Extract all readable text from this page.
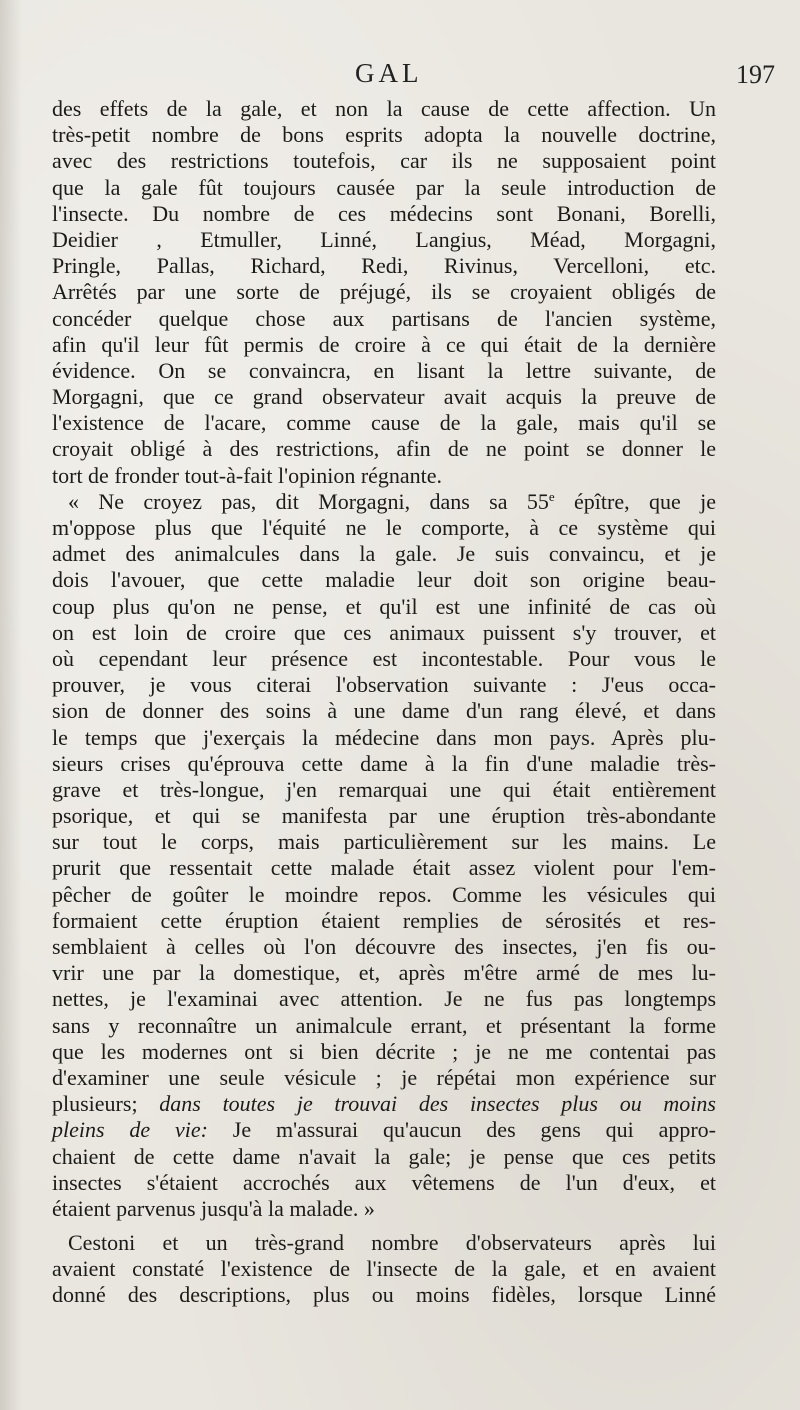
GAL	197
des effets de la gale, et non la cause de cette affection. Un
très-petit nombre de bons esprits adopta la nouvelle doctrine,
avec des restrictions toutefois, car ils ne supposaient point
que la gale fût toujours causée par la seule introduction de
l'insecte. Du nombre de ces médecins sont Bonani, Borelli,
Deidier , Etmuller, Linné, Langius, Méad, Morgagni,
Pringle, Pallas, Richard, Redi, Rivinus, Vercelloni, etc.
Arrêtés par une sorte de préjugé, ils se croyaient obligés de
concéder quelque chose aux partisans de l'ancien système,
afin qu'il leur fût permis de croire à ce qui était de la dernière
évidence. On se convaincra, en lisant la lettre suivante, de
Morgagni, que ce grand observateur avait acquis la preuve de
l'existence de l'acare, comme cause de la gale, mais qu'il se
croyait obligé à des restrictions, afin de ne point se donner le
tort de fronder tout-à-fait l'opinion régnante.
« Ne croyez pas, dit Morgagni, dans sa 55e épître, que je
m'oppose plus que l'équité ne le comporte, à ce système qui
admet des animalcules dans la gale. Je suis convaincu, et je
dois l'avouer, que cette maladie leur doit son origine beau-
coup plus qu'on ne pense, et qu'il est une infinité de cas où
on est loin de croire que ces animaux puissent s'y trouver, et
où cependant leur présence est incontestable. Pour vous le
prouver, je vous citerai l'observation suivante : J'eus occa-
sion de donner des soins à une dame d'un rang élevé, et dans
le temps que j'exerçais la médecine dans mon pays. Après plu-
sieurs crises qu'éprouva cette dame à la fin d'une maladie très-
grave et très-longue, j'en remarquai une qui était entièrement
psorique, et qui se manifesta par une éruption très-abondante
sur tout le corps, mais particulièrement sur les mains. Le
prurit que ressentait cette malade était assez violent pour l'em-
pêcher de goûter le moindre repos. Comme les vésicules qui
formaient cette éruption étaient remplies de sérosités et res-
semblaient à celles où l'on découvre des insectes, j'en fis ou-
vrir une par la domestique, et, après m'être armé de mes lu-
nettes, je l'examinai avec attention. Je ne fus pas longtemps
sans y reconnaître un animalcule errant, et présentant la forme
que les modernes ont si bien décrite ; je ne me contentai pas
d'examiner une seule vésicule ; je répétai mon expérience sur
plusieurs; dans toutes je trouvai des insectes plus ou moins
pleins de vie: Je m'assurai qu'aucun des gens qui appro-
chaient de cette dame n'avait la gale; je pense que ces petits
insectes s'étaient accrochés aux vêtemens de l'un d'eux, et
étaient parvenus jusqu'à la malade. »
Cestoni et un très-grand nombre d'observateurs après lui
avaient constaté l'existence de l'insecte de la gale, et en avaient
donné des descriptions, plus ou moins fidèles, lorsque Linné
